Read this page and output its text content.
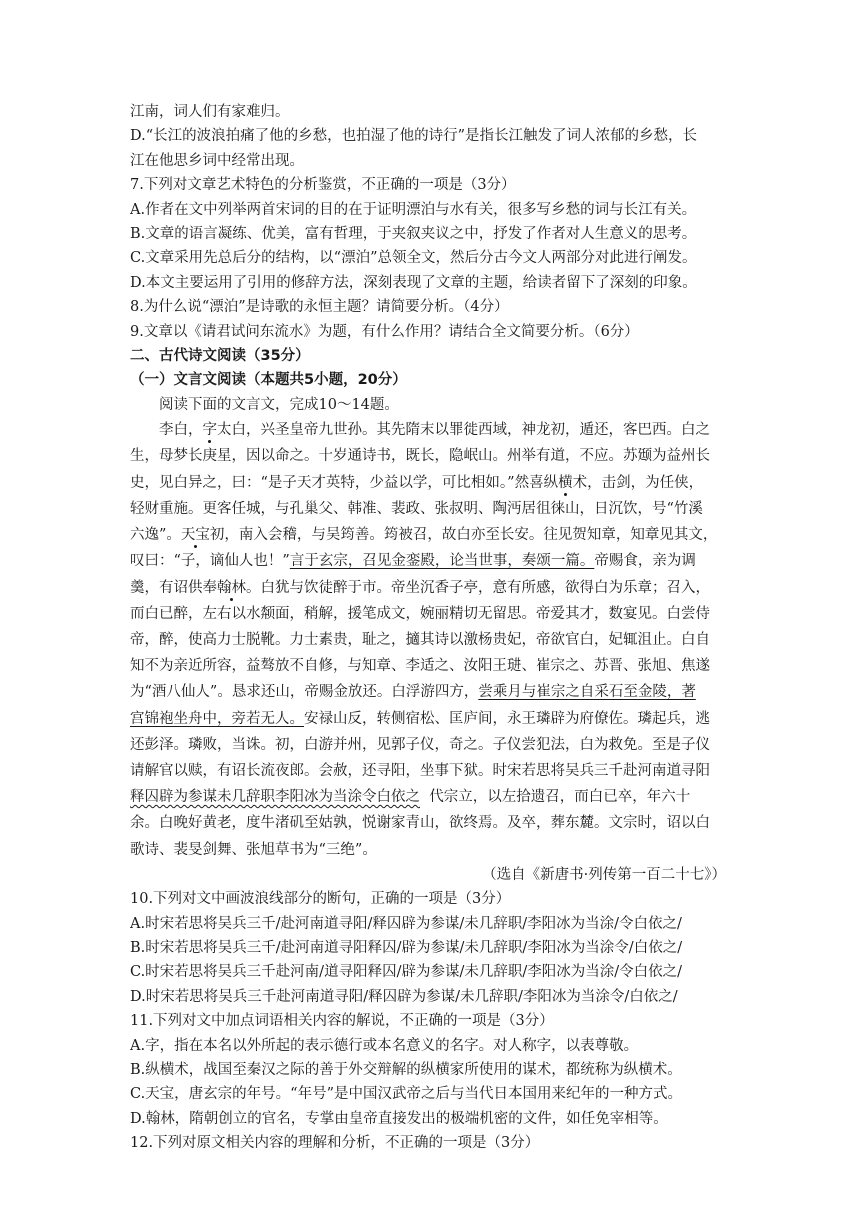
江南，词人们有家难归。
D.“长江的波浪拍痛了他的乡愁，也拍湿了他的诗行”是指长江触发了词人浓郁的乡愁，长
江在他思乡词中经常出现。
7.下列对文章艺术特色的分析鉴赏，不正确的一项是（3分）
A.作者在文中列举两首宋词的目的在于证明漂泊与水有关，很多写乡愁的词与长江有关。
B.文章的语言凝练、优美，富有哲理，于夹叙夹议之中，抒发了作者对人生意义的思考。
C.文章采用先总后分的结构，以“漂泊”总领全文，然后分古今文人两部分对此进行阐发。
D.本文主要运用了引用的修辞方法，深刻表现了文章的主题，给读者留下了深刻的印象。
8.为什么说“漂泊”是诗歌的永恒主题？请简要分析。（4分）
9.文章以《请君试问东流水》为题，有什么作用？请结合全文简要分析。（6分）
二、古代诗文阅读（35分）
（一）文言文阅读（本题共5小题，20分）
阅读下面的文言文，完成10～14题。
李白，字太白，兴圣皇帝九世孙。其先隋末以罪徙西域，神龙初，遁还，客巴西。白之
生，母梦长庚星，因以命之。十岁通诗书，既长，隐岷山。州举有道，不应。苏颋为益州长
史，见白异之，曰：“是子天才英特，少益以学，可比相如。”然喜纵横术，击剑，为任侠，
轻财重施。更客任城，与孔巢父、韩准、裴政、张叔明、陶沔居徂徕山，日沉饮，号“竹溪
六逸”。天宝初，南入会稽，与吴筠善。筠被召，故白亦至长安。往见贺知章，知章见其文，
叹曰：“子，谪仙人也！”言于玄宗，召见金銮殿，论当世事，奏颂一篇。帝赐食，亲为调
羹，有诏供奉翰林。白犹与饮徒醉于市。帝坐沉香子亭，意有所感，欲得白为乐章；召入，
而白已醉，左右以水颒面，稍解，援笔成文，婉丽精切无留思。帝爱其才，数宴见。白尝侍
帝，醉，使高力士脱靴。力士素贵，耻之，擿其诗以激杨贵妃，帝欲官白，妃辄沮止。白自
知不为亲近所容，益骜放不自修，与知章、李适之、汝阳王琎、崔宗之、苏晋、张旭、焦遂
为“酒八仙人”。恳求还山，帝赐金放还。白浮游四方，尝乘月与崔宗之自采石至金陵，著
宫锦袍坐舟中，旁若无人。安禄山反，转侧宿松、匡庐间，永王璘辟为府僚佐。璘起兵，逃
还彭泽。璘败，当诛。初，白游并州，见郭子仪，奇之。子仪尝犯法，白为救免。至是子仪
请解官以赎，有诏长流夜郎。会赦，还寻阳，坐事下狱。时宋若思将吴兵三千赴河南道寻阳
释囚辟为参谋未几辞职李阳冰为当涂令白依之 代宗立，以左拾遗召，而白已卒，年六十
余。白晚好黄老，度牛渚矶至姑孰，悦谢家青山，欲终焉。及卒，葬东麓。文宗时，诏以白
歌诗、裴旻剑舞、张旭草书为“三绝”。
（选自《新唐书·列传第一百二十七》）
10.下列对文中画波浪线部分的断句，正确的一项是（3分）
A.时宋若思将吴兵三千/赴河南道寻阳/释囚辟为参谋/未几辞职/李阳冰为当涂/令白依之/
B.时宋若思将吴兵三千/赴河南道寻阳释囚/辟为参谋/未几辞职/李阳冰为当涂令/白依之/
C.时宋若思将吴兵三千赴河南/道寻阳释囚/辟为参谋/未几辞职/李阳冰为当涂/令白依之/
D.时宋若思将吴兵三千赴河南道寻阳/释囚辟为参谋/未几辞职/李阳冰为当涂令/白依之/
11.下列对文中加点词语相关内容的解说，不正确的一项是（3分）
A.字，指在本名以外所起的表示德行或本名意义的名字。对人称字，以表尊敬。
B.纵横术，战国至秦汉之际的善于外交辩解的纵横家所使用的谋术，都统称为纵横术。
C.天宝，唐玄宗的年号。“年号”是中国汉武帝之后与当代日本国用来纪年的一种方式。
D.翰林，隋朝创立的官名，专掌由皇帝直接发出的极端机密的文件，如任免宰相等。
12.下列对原文相关内容的理解和分析，不正确的一项是（3分）
